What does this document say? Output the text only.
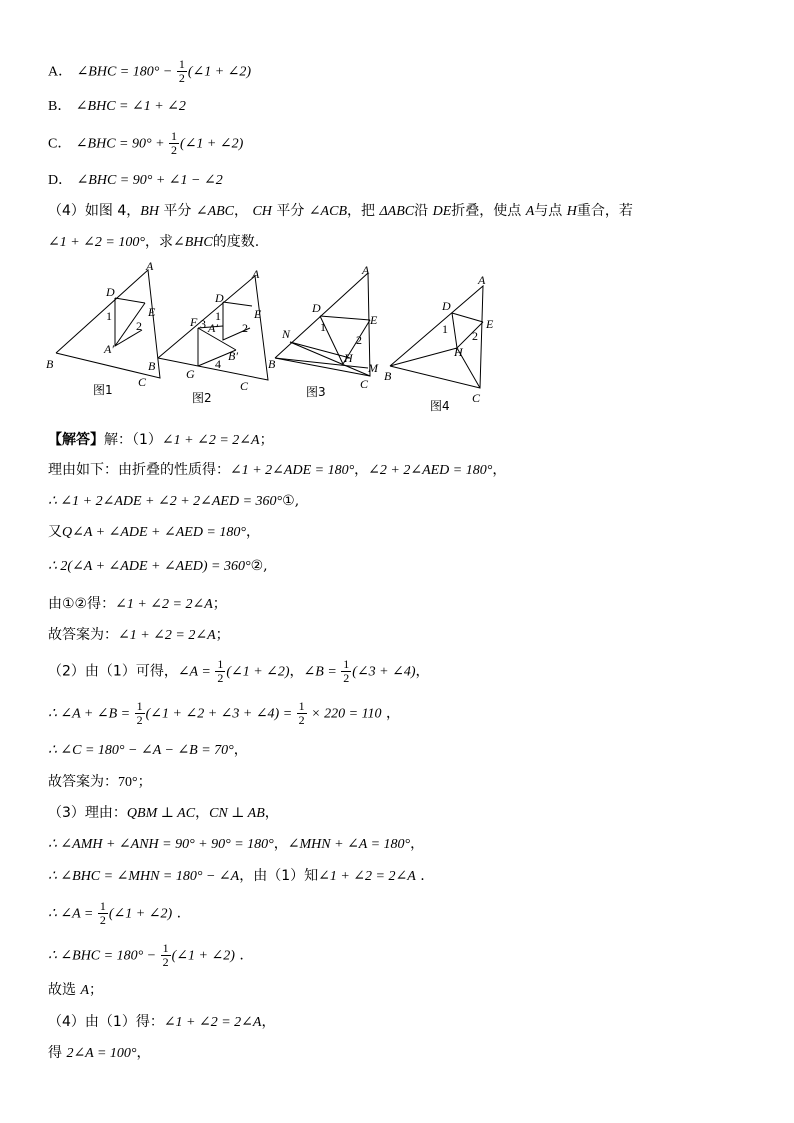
A． ∠BHC = $180^\circ - \frac{1}{2}$ (∠1 + ∠2)
B． ∠BHC = ∠1 + ∠2
C． ∠BHC = $90^\circ + \frac{1}{2}$ (∠1 + ∠2)
D． ∠BHC = 90° + ∠1 − ∠2
（4）如图 4，BH 平分 ∠ABC， CH 平分 ∠ACB，把 ΔABC沿 DE折叠，使点 A与点 H重合，若
∠1 + ∠2 = 100°，求∠BHC的度数.
A
B
C
D
E
A′
1
2
图1
A
B
C
D
E
F
G
A′
B′
1
2
3
4
图2
A
B
C
D
E
H
M
N 1
2
图3
A
B
C
D
E
H
1 2
图4
【解答】解：（1）∠1 + ∠2 = 2∠A；
理由如下：由折叠的性质得：∠1 + 2∠ADE = 180°，∠2 + 2∠AED = 180°，
∴ ∠1 + 2∠ADE + ∠2 + 2∠AED = 360°①,
又Q∠A + ∠ADE + ∠AED = 180°，
∴ 2(∠A + ∠ADE + ∠AED) = 360°②,
由①②得：∠1 + ∠2 = 2∠A；
故答案为：∠1 + ∠2 = 2∠A；
（2）由（1）可得，∠A = $\frac{1}{2}$ (∠1 + ∠2)，∠B = $\frac{1}{2}$ (∠3 + ∠4)，
∴ ∠A + ∠B = $\frac{1}{2}$ (∠1 + ∠2 + ∠3 + ∠4) = $\frac{1}{2} \times 220 = 110$ ，
∴ ∠C = 180° − ∠A − ∠B = 70°，
故答案为：70°；
（3）理由：QBM ⊥ AC，CN ⊥ AB，
∴ ∠AMH + ∠ANH = 90° + 90° = 180°，∠MHN + ∠A = 180°，
∴ ∠BHC = ∠MHN = 180° − ∠A，由（1）知∠1 + ∠2 = 2∠A .
∴ ∠A = $\frac{1}{2}$ (∠1 + ∠2) .
∴ ∠BHC = $180^\circ - \frac{1}{2}$ (∠1 + ∠2) .
故选 A；
（4）由（1）得：∠1 + ∠2 = 2∠A，
得 2∠A = 100°，
